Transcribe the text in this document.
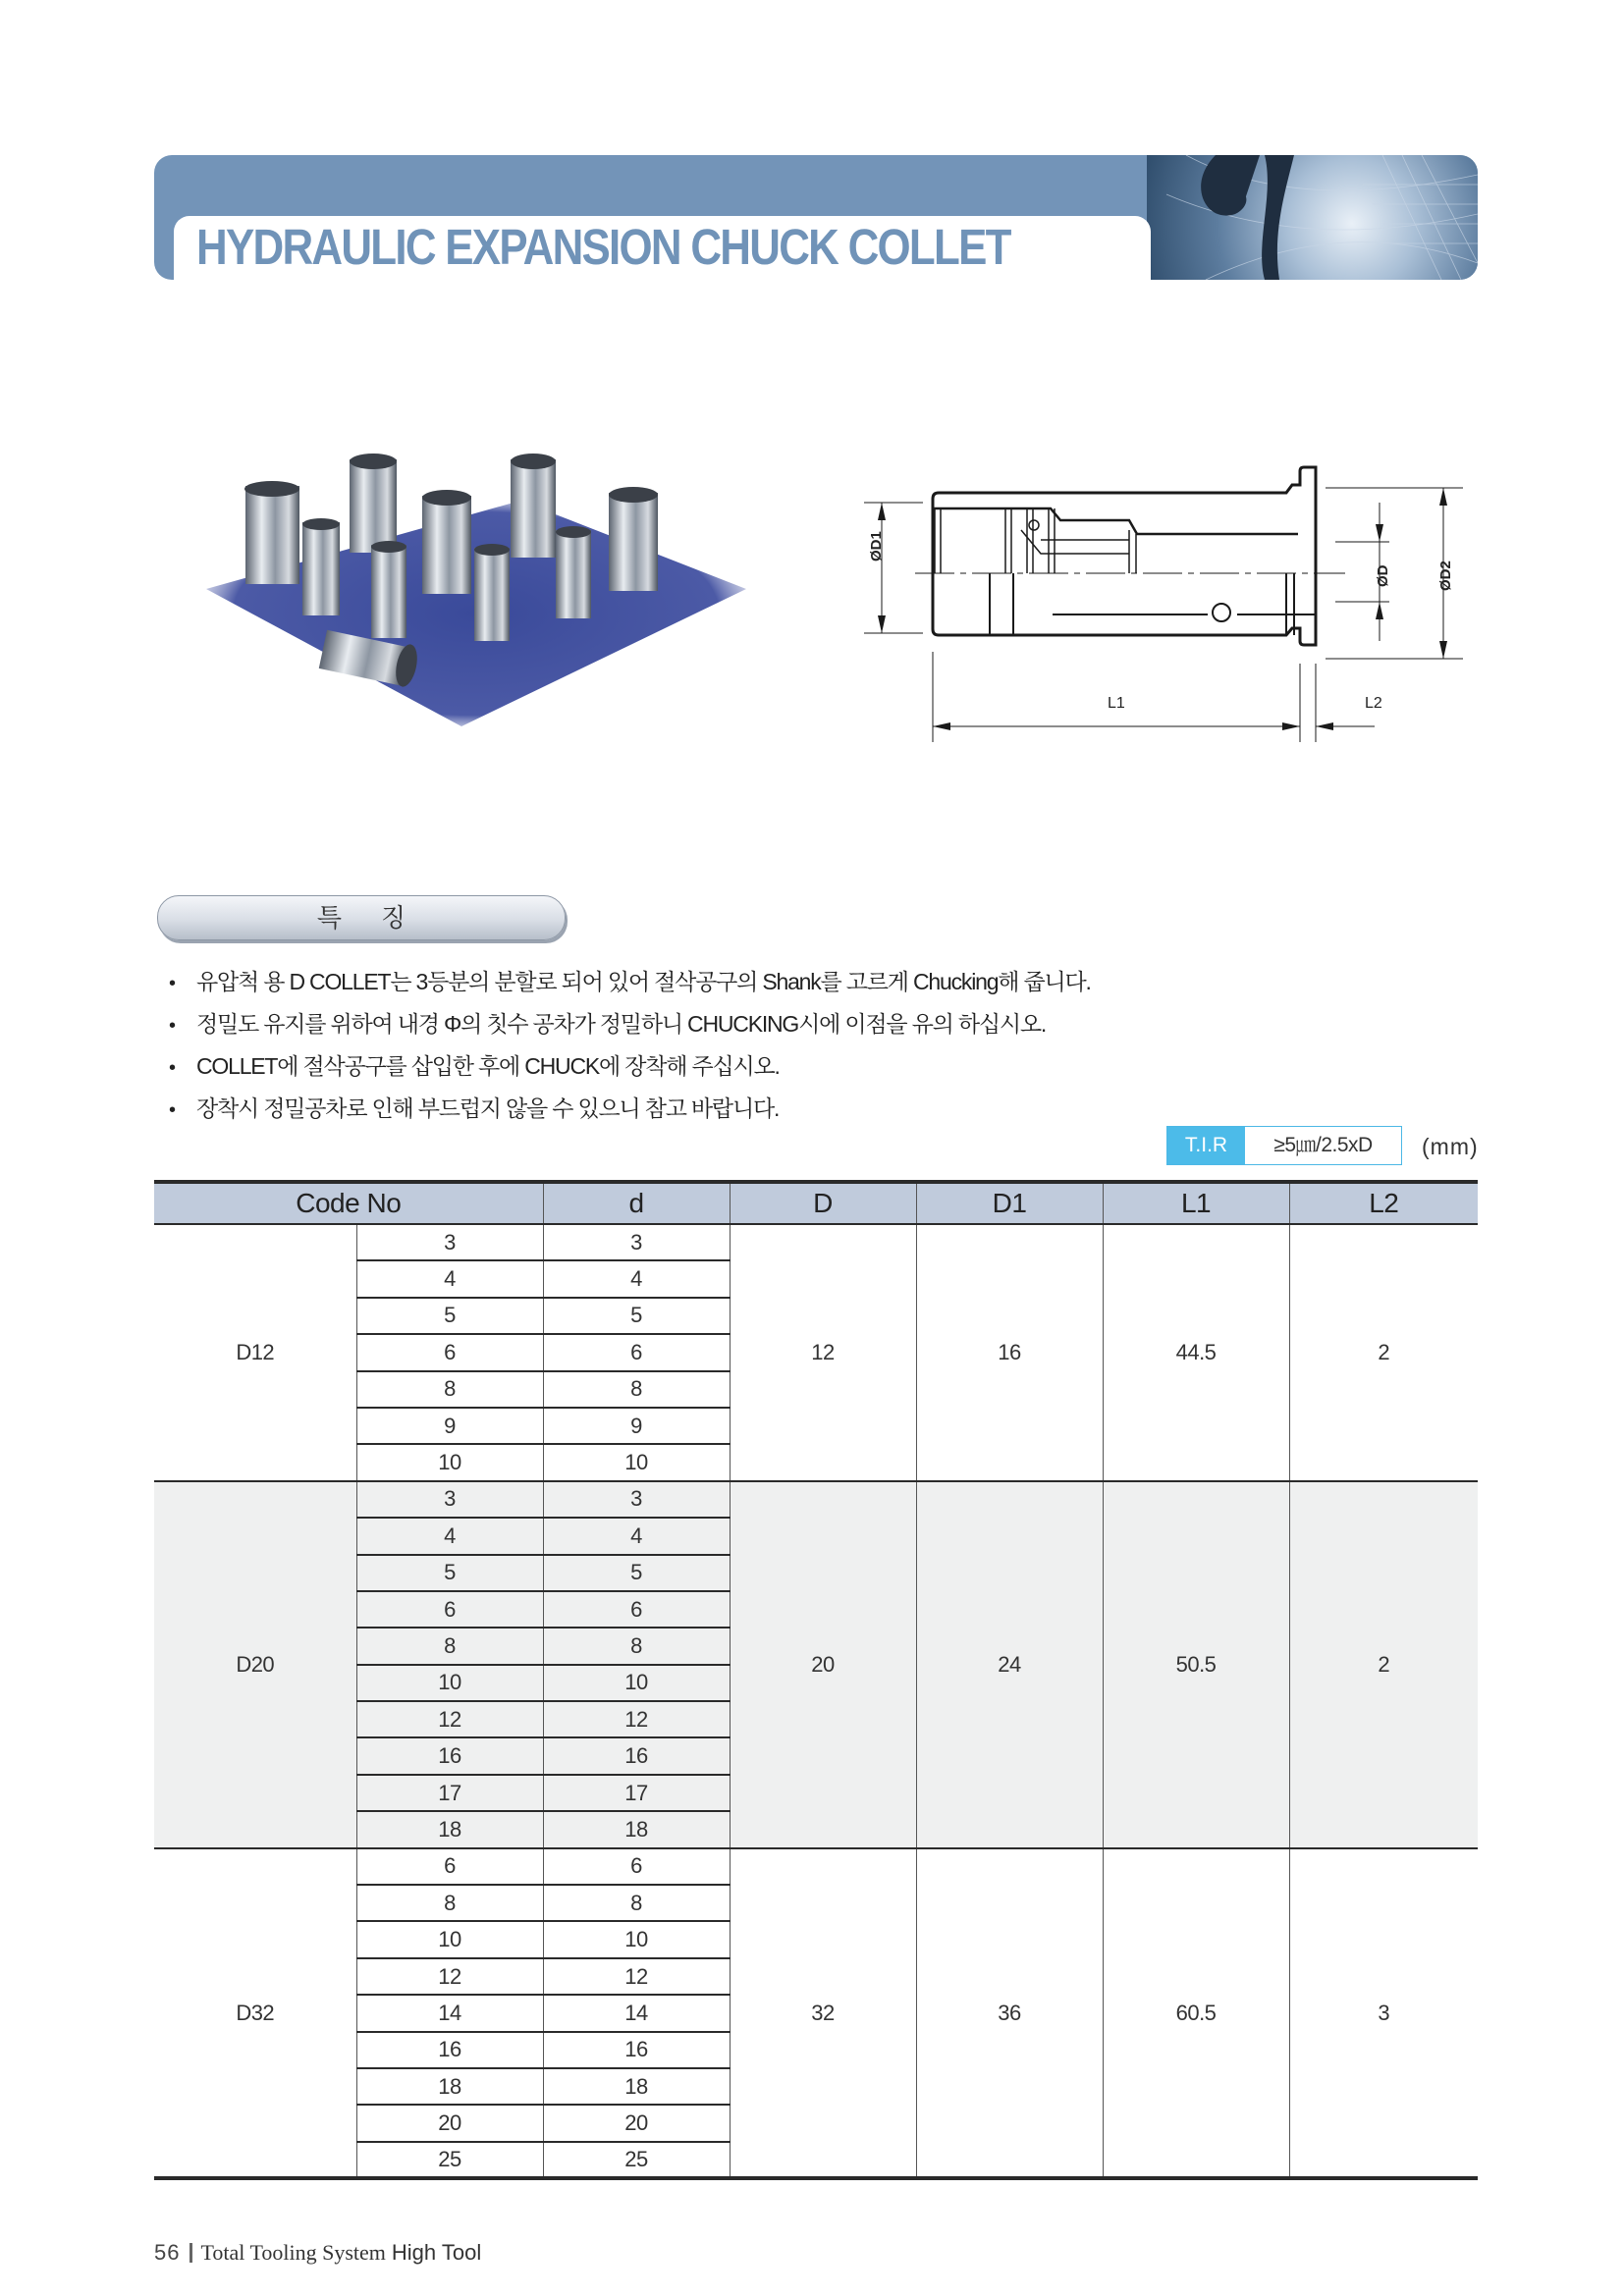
HYDRAULIC EXPANSION CHUCK COLLET
ØD1
ØD	ØD2
L1	L2
특징
• 유압척 용 D COLLET는 3등분의 분할로 되어 있어 절삭공구의 Shank를 고르게 Chucking해 줍니다.
• 정밀도 유지를 위하여 내경 Φ의 칫수 공차가 정밀하니 CHUCKING시에 이점을 유의 하십시오.
• COLLET에 절삭공구를 삽입한 후에 CHUCK에 장착해 주십시오.
• 장착시 정밀공차로 인해 부드럽지 않을 수 있으니 참고 바랍니다.
T.I.R	≥5㎛/2.5xD	(mm)
Code No		d	D	D1	L1	L2
D12	3	3	12	16	44.5	2
	4	4				
	5	5				
	6	6				
	8	8				
	9	9				
	10	10				
D20	3	3	20	24	50.5	2
	4	4				
	5	5				
	6	6				
	8	8				
	10	10				
	12	12				
	16	16				
	17	17				
	18	18				
D32	6	6	32	36	60.5	3
	8	8				
	10	10				
	12	12				
	14	14				
	16	16				
	18	18				
	20	20				
	25	25				
56 Total Tooling System High Tool
